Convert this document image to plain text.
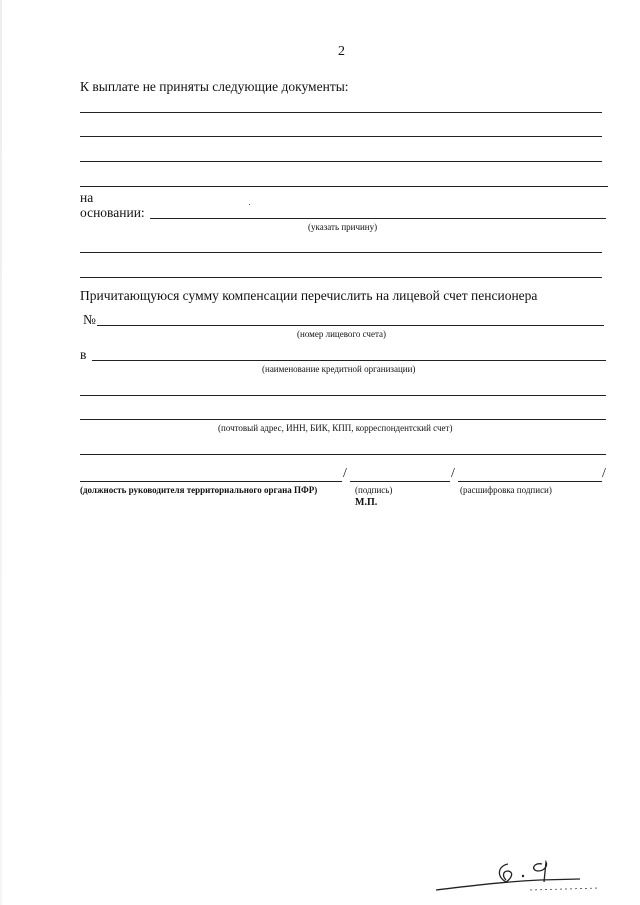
2
К выплате не приняты следующие документы:
на
основании:
(указать причину)
Причитающуюся сумму компенсации перечислить на лицевой счет пенсионера
№
(номер лицевого счета)
в
(наименование кредитной организации)
(почтовый адрес, ИНН, БИК, КПП, корреспондентский счет)
/	/	/
(должность руководителя территориального органа ПФР)	(подпись)	(расшифровка подписи)
М.П.
